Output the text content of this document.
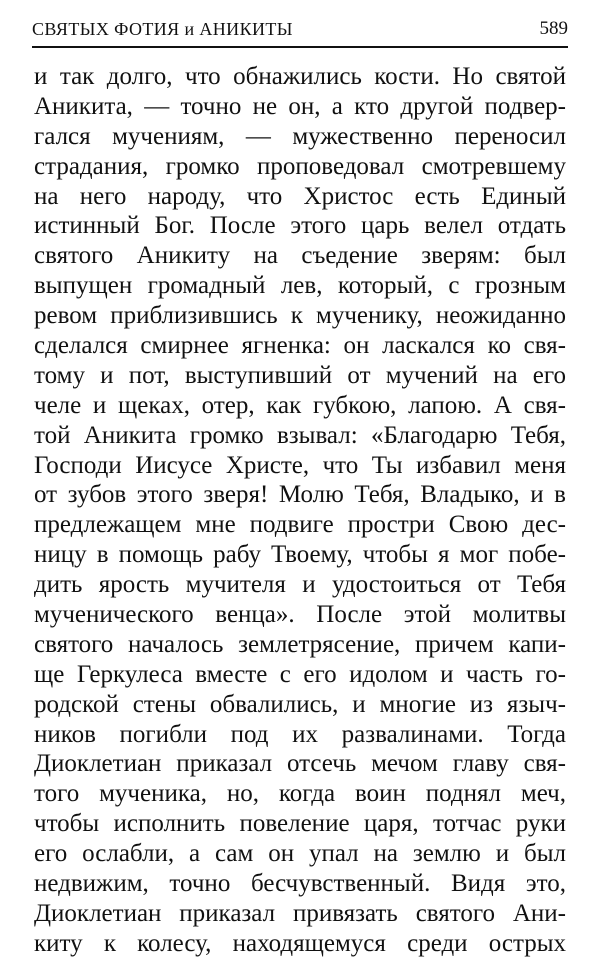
СВЯТЫХ ФОТИЯ и АНИКИТЫ	589
и так долго, что обнажились кости. Но святой
Аникита, — точно не он, а кто другой подвер-
гался мучениям, — мужественно переносил
страдания, громко проповедовал смотревшему
на него народу, что Христос есть Единый
истинный Бог. После этого царь велел отдать
святого Аникиту на съедение зверям: был
выпущен громадный лев, который, с грозным
ревом приблизившись к мученику, неожиданно
сделался смирнее ягненка: он ласкался ко свя-
тому и пот, выступивший от мучений на его
челе и щеках, отер, как губкою, лапою. А свя-
той Аникита громко взывал: «Благодарю Тебя,
Господи Иисусе Христе, что Ты избавил меня
от зубов этого зверя! Молю Тебя, Владыко, и в
предлежащем мне подвиге простри Свою дес-
ницу в помощь рабу Твоему, чтобы я мог побе-
дить ярость мучителя и удостоиться от Тебя
мученического венца». После этой молитвы
святого началось землетрясение, причем капи-
ще Геркулеса вместе с его идолом и часть го-
родской стены обвалились, и многие из языч-
ников погибли под их развалинами. Тогда
Диоклетиан приказал отсечь мечом главу свя-
того мученика, но, когда воин поднял меч,
чтобы исполнить повеление царя, тотчас руки
его ослабли, а сам он упал на землю и был
недвижим, точно бесчувственный. Видя это,
Диоклетиан приказал привязать святого Ани-
киту к колесу, находящемуся среди острых
